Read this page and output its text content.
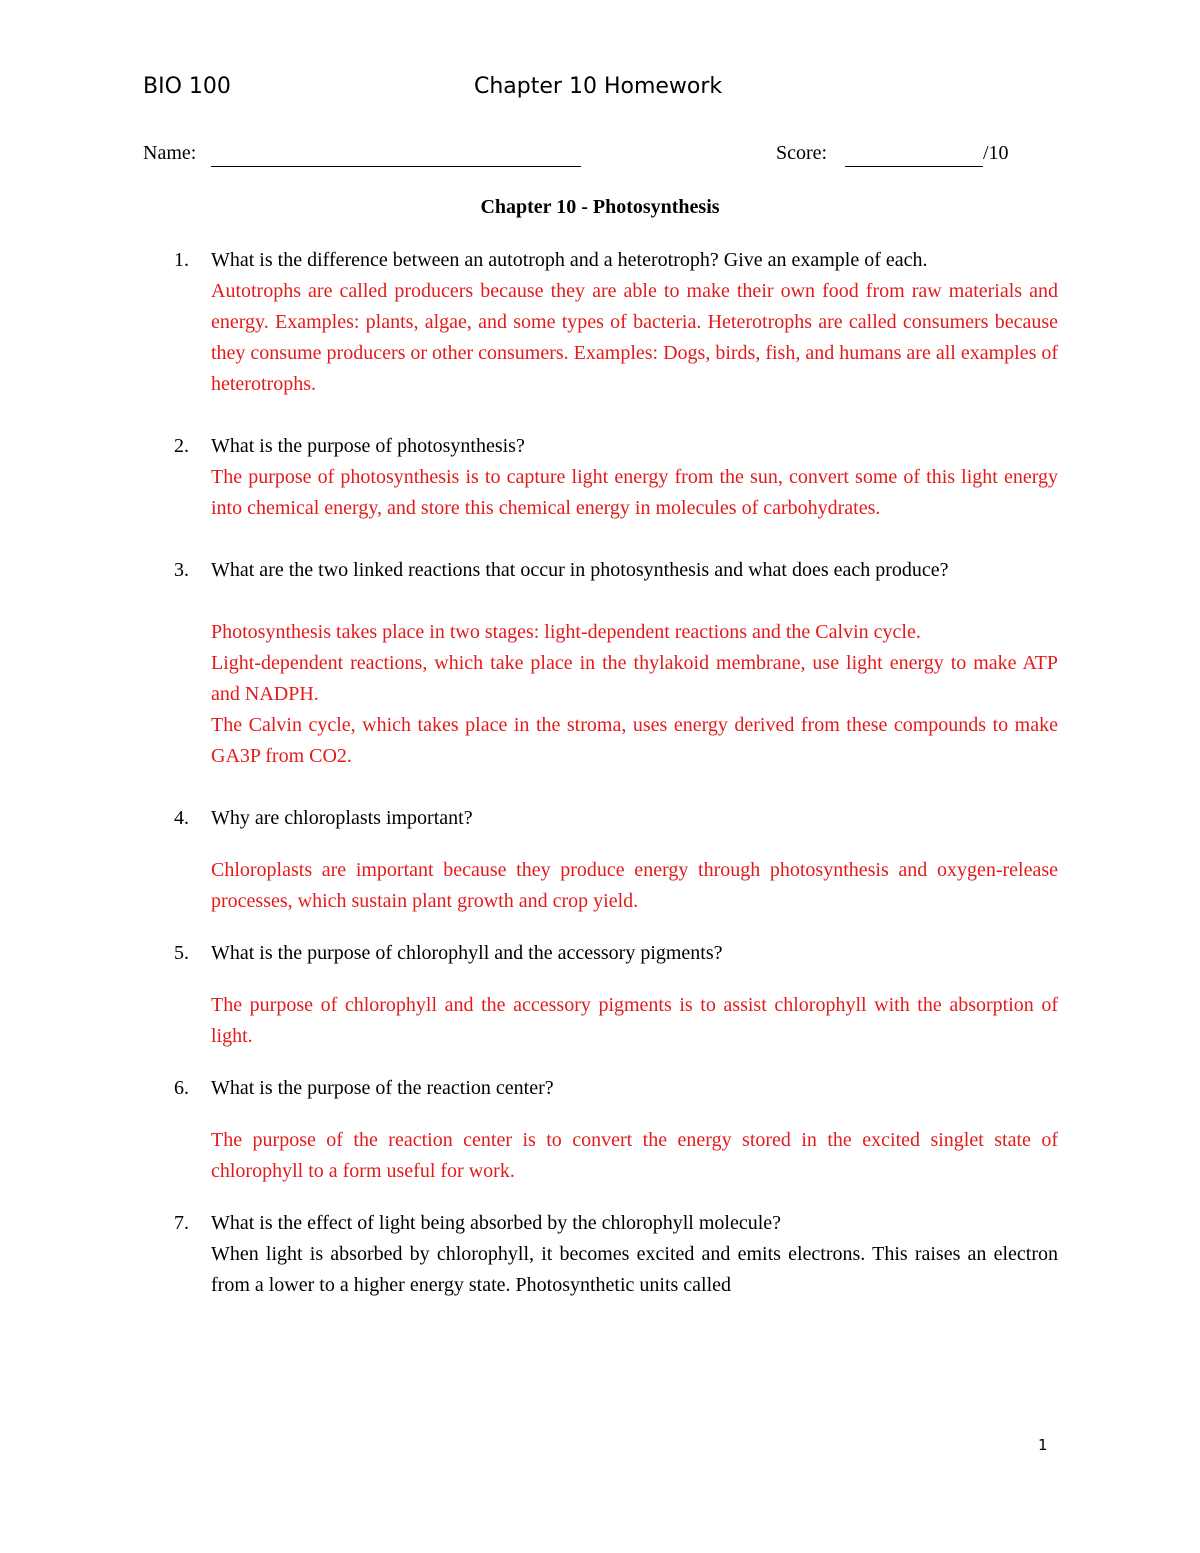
BIO 100	Chapter 10 Homework
Name:	Score:	/10
Chapter 10 - Photosynthesis
1. What is the difference between an autotroph and a heterotroph? Give an example of each.

Autotrophs are called producers because they are able to make their own food from raw materials and energy. Examples: plants, algae, and some types of bacteria. Heterotrophs are called consumers because they consume producers or other consumers. Examples: Dogs, birds, fish, and humans are all examples of heterotrophs.

2. What is the purpose of photosynthesis?

The purpose of photosynthesis is to capture light energy from the sun, convert some of this light energy into chemical energy, and store this chemical energy in molecules of carbohydrates.

3. What are the two linked reactions that occur in photosynthesis and what does each produce?

Photosynthesis takes place in two stages: light-dependent reactions and the Calvin cycle.

Light-dependent reactions, which take place in the thylakoid membrane, use light energy to make ATP and NADPH.

The Calvin cycle, which takes place in the stroma, uses energy derived from these compounds to make GA3P from CO2.

4. Why are chloroplasts important?

Chloroplasts are important because they produce energy through photosynthesis and oxygen-release processes, which sustain plant growth and crop yield.

5. What is the purpose of chlorophyll and the accessory pigments?

The purpose of chlorophyll and the accessory pigments is to assist chlorophyll with the absorption of light.

6. What is the purpose of the reaction center?

The purpose of the reaction center is to convert the energy stored in the excited singlet state of chlorophyll to a form useful for work.

7. What is the effect of light being absorbed by the chlorophyll molecule?

When light is absorbed by chlorophyll, it becomes excited and emits electrons. This raises an electron from a lower to a higher energy state. Photosynthetic units called

1
